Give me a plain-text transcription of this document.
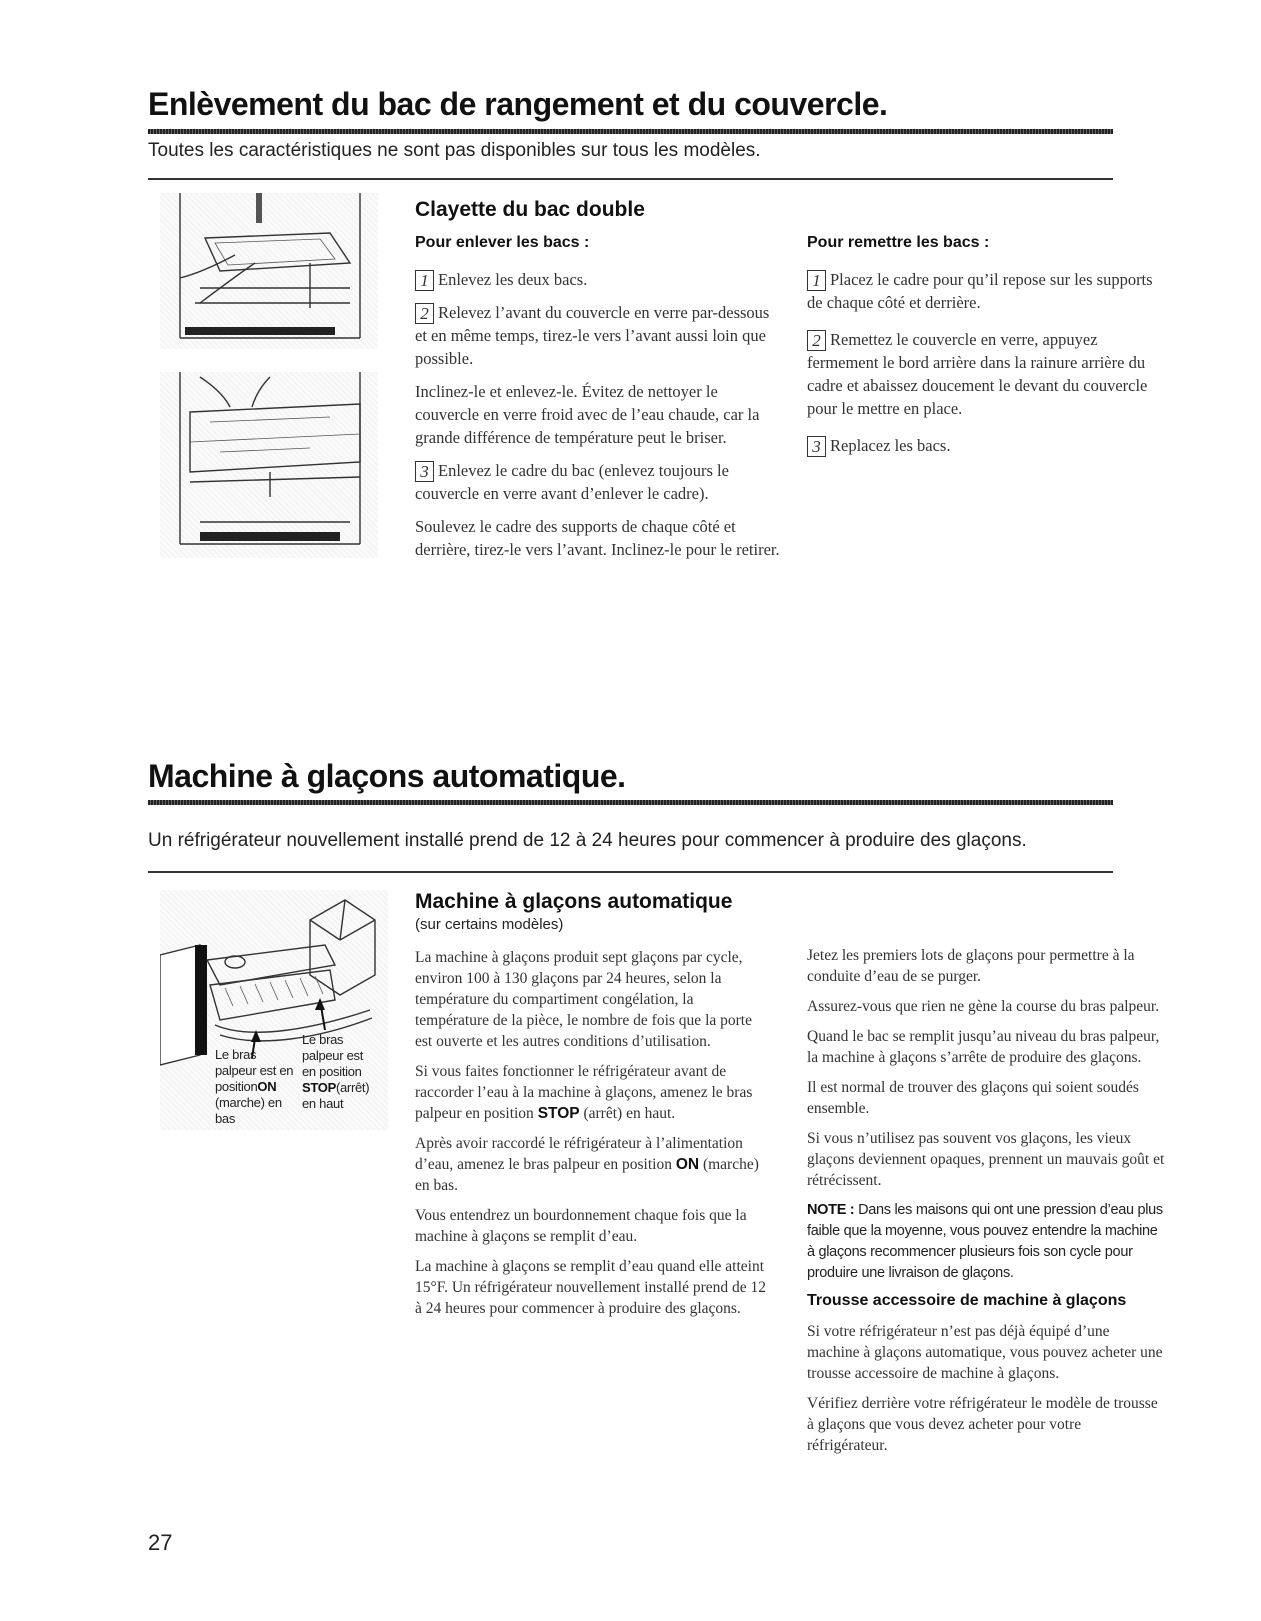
Enlèvement du bac de rangement et du couvercle.
Toutes les caractéristiques ne sont pas disponibles sur tous les modèles.
Clayette du bac double
Pour enlever les bacs :
1 Enlevez les deux bacs.
2 Relevez l’avant du couvercle en verre par-dessous et en même temps, tirez-le vers l’avant aussi loin que possible.
Inclinez-le et enlevez-le. Évitez de nettoyer le couvercle en verre froid avec de l’eau chaude, car la grande différence de température peut le briser.
3 Enlevez le cadre du bac (enlevez toujours le couvercle en verre avant d’enlever le cadre).
Soulevez le cadre des supports de chaque côté et derrière, tirez-le vers l’avant. Inclinez-le pour le retirer.
Pour remettre les bacs :
1 Placez le cadre pour qu’il repose sur les supports de chaque côté et derrière.
2 Remettez le couvercle en verre, appuyez fermement le bord arrière dans la rainure arrière du cadre et abaissez doucement le devant du couvercle pour le mettre en place.
3 Replacez les bacs.
Machine à glaçons automatique.
Un réfrigérateur nouvellement installé prend de 12 à 24 heures pour commencer à produire des glaçons.
Le bras
palpeur est en
positionON
(marche) en
bas
Le bras
palpeur est
en position
STOP(arrêt)
en haut
Machine à glaçons automatique
(sur certains modèles)

La machine à glaçons produit sept glaçons par cycle, environ 100 à 130 glaçons par 24 heures, selon la température du compartiment congélation, la température de la pièce, le nombre de fois que la porte est ouverte et les autres conditions d’utilisation.

Si vous faites fonctionner le réfrigérateur avant de raccorder l’eau à la machine à glaçons, amenez le bras palpeur en position STOP (arrêt) en haut.

Après avoir raccordé le réfrigérateur à l’alimentation d’eau, amenez le bras palpeur en position ON (marche) en bas.

Vous entendrez un bourdonnement chaque fois que la machine à glaçons se remplit d’eau.

La machine à glaçons se remplit d’eau quand elle atteint 15°F. Un réfrigérateur nouvellement installé prend de 12 à 24 heures pour commencer à produire des glaçons.

Jetez les premiers lots de glaçons pour permettre à la conduite d’eau de se purger.

Assurez-vous que rien ne gène la course du bras palpeur.

Quand le bac se remplit jusqu’au niveau du bras palpeur, la machine à glaçons s’arrête de produire des glaçons.

Il est normal de trouver des glaçons qui soient soudés ensemble.

Si vous n’utilisez pas souvent vos glaçons, les vieux glaçons deviennent opaques, prennent un mauvais goût et rétrécissent.

NOTE : Dans les maisons qui ont une pression d’eau plus faible que la moyenne, vous pouvez entendre la machine à glaçons recommencer plusieurs fois son cycle pour produire une livraison de glaçons.
Trousse accessoire de machine à glaçons

Si votre réfrigérateur n’est pas déjà équipé d’une machine à glaçons automatique, vous pouvez acheter une trousse accessoire de machine à glaçons.

Vérifiez derrière votre réfrigérateur le modèle de trousse à glaçons que vous devez acheter pour votre réfrigérateur.

27
